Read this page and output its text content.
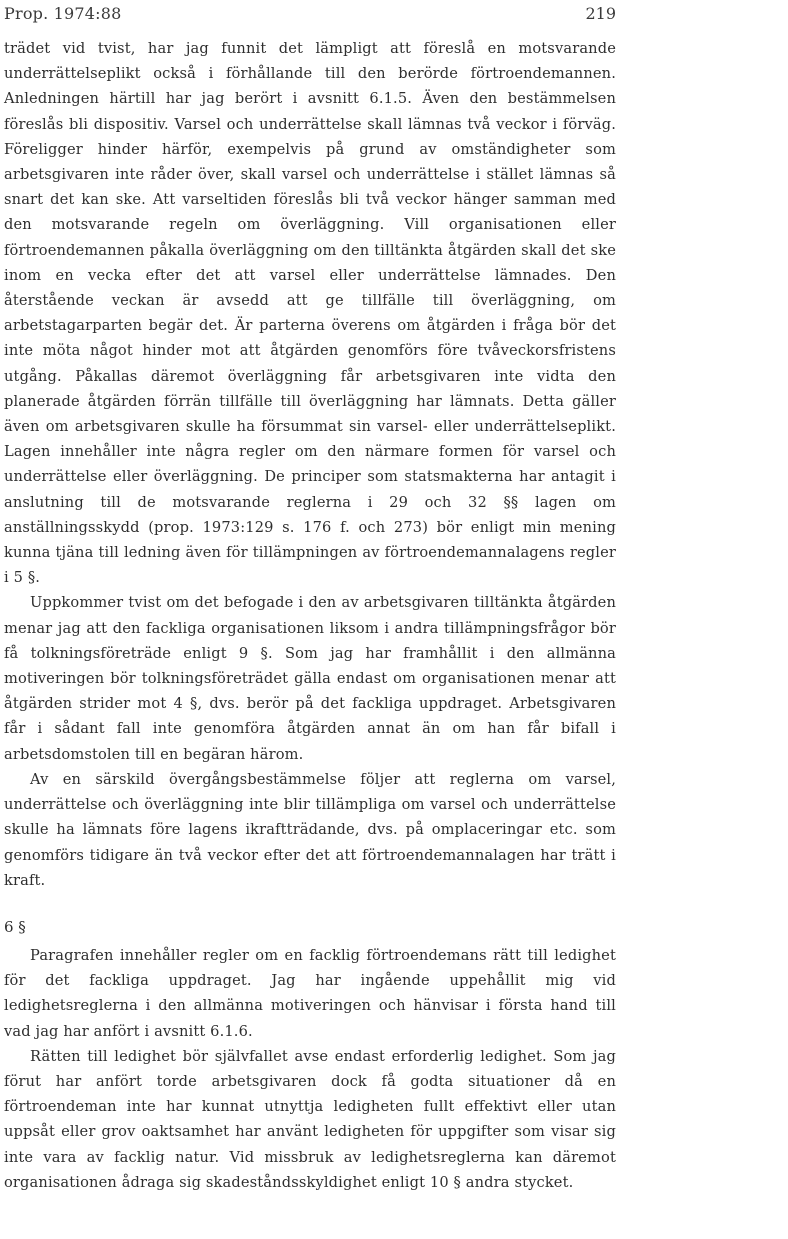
Prop. 1974:88	219

trädet vid tvist, har jag funnit det lämpligt att föreslå en motsvarande underrättelseplikt också i förhållande till den berörde förtroendemannen. Anledningen härtill har jag berört i avsnitt 6.1.5. Även den bestämmelsen föreslås bli dispositiv. Varsel och underrättelse skall lämnas två veckor i förväg. Föreligger hinder härför, exempelvis på grund av omständigheter som arbetsgivaren inte råder över, skall varsel och underrättelse i stället lämnas så snart det kan ske. Att varseltiden föreslås bli två veckor hänger samman med den motsvarande regeln om överläggning. Vill organisationen eller förtroendemannen påkalla överläggning om den tilltänkta åtgärden skall det ske inom en vecka efter det att varsel eller underrättelse lämnades. Den återstående veckan är avsedd att ge tillfälle till överläggning, om arbetstagarparten begär det. Är parterna överens om åtgärden i fråga bör det inte möta något hinder mot att åtgärden genomförs före tvåveckorsfristens utgång. Påkallas däremot överläggning får arbetsgivaren inte vidta den planerade åtgärden förrän tillfälle till överläggning har lämnats. Detta gäller även om arbetsgivaren skulle ha försummat sin varsel- eller underrättelseplikt. Lagen innehåller inte några regler om den närmare formen för varsel och underrättelse eller överläggning. De principer som statsmakterna har antagit i anslutning till de motsvarande reglerna i 29 och 32 §§ lagen om anställningsskydd (prop. 1973:129 s. 176 f. och 273) bör enligt min mening kunna tjäna till ledning även för tillämpningen av förtroendemannalagens regler i 5 §.

Uppkommer tvist om det befogade i den av arbetsgivaren tilltänkta åtgärden menar jag att den fackliga organisationen liksom i andra tillämpningsfrågor bör få tolkningsföreträde enligt 9 §. Som jag har framhållit i den allmänna motiveringen bör tolkningsföreträdet gälla endast om organisationen menar att åtgärden strider mot 4 §, dvs. berör på det fackliga uppdraget. Arbetsgivaren får i sådant fall inte genomföra åtgärden annat än om han får bifall i arbetsdomstolen till en begäran härom.

Av en särskild övergångsbestämmelse följer att reglerna om varsel, underrättelse och överläggning inte blir tillämpliga om varsel och underrättelse skulle ha lämnats före lagens ikraftträdande, dvs. på omplaceringar etc. som genomförs tidigare än två veckor efter det att förtroendemannalagen har trätt i kraft.

6 §

Paragrafen innehåller regler om en facklig förtroendemans rätt till ledighet för det fackliga uppdraget. Jag har ingående uppehållit mig vid ledighetsreglerna i den allmänna motiveringen och hänvisar i första hand till vad jag har anfört i avsnitt 6.1.6.

Rätten till ledighet bör självfallet avse endast erforderlig ledighet. Som jag förut har anfört torde arbetsgivaren dock få godta situationer då en förtroendeman inte har kunnat utnyttja ledigheten fullt effektivt eller utan uppsåt eller grov oaktsamhet har använt ledigheten för uppgifter som visar sig inte vara av facklig natur. Vid missbruk av ledighetsreglerna kan däremot organisationen ådraga sig skadeståndsskyldighet enligt 10 § andra stycket.
